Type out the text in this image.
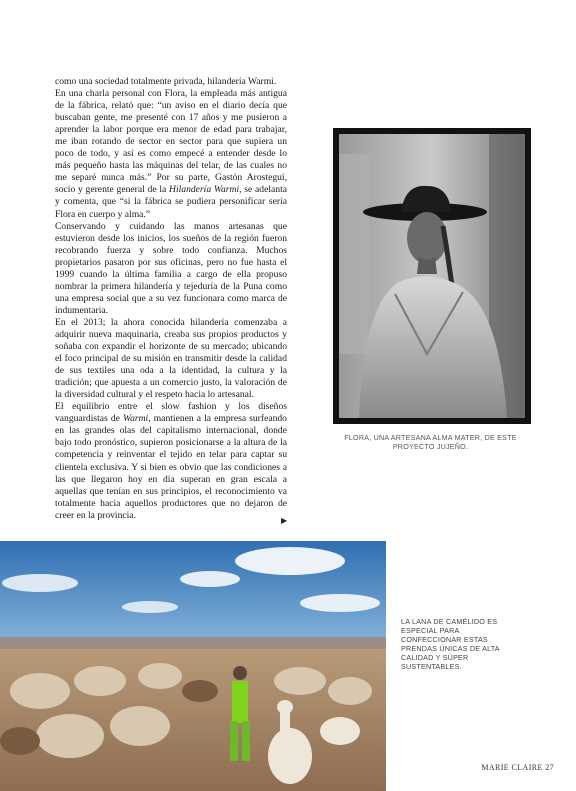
como una sociedad totalmente privada, hilandería Warmi.

En una charla personal con Flora, la empleada más antigua de la fábrica, relató que: “un aviso en el diario decía que buscaban gente, me presenté con 17 años y me pusieron a aprender la labor porque era menor de edad para trabajar, me iban rotando de sector en sector para que supiera un poco de todo, y así es como empecé a entender desde lo más pequeño hasta las máquinas del telar, de las cuales no me separé nunca más.” Por su parte, Gastón Arostegui, socio y gerente general de la Hilandería Warmi, se adelanta y comenta, que “si la fábrica se pudiera personificar sería Flora en cuerpo y alma.”

Conservando y cuidando las manos artesanas que estuvieron desde los inicios, los sueños de la región fueron recobrando fuerza y sobre todo confianza. Muchos propietarios pasaron por sus oficinas, pero no fue hasta el 1999 cuando la última familia a cargo de ella propuso nombrar la primera hilandería y tejeduría de la Puna como una empresa social que a su vez funcionara como marca de indumentaria.

En el 2013; la ahora conocida hilandería comenzaba a adquirir nueva maquinaria, creaba sus propios productos y soñaba con expandir el horizonte de su mercado; ubicando el foco principal de su misión en transmitir desde la calidad de sus textiles una oda a la identidad, la cultura y la tradición; que apuesta a un comercio justo, la valoración de la diversidad cultural y el respeto hacia lo artesanal.

El equilibrio entre el slow fashion y los diseños vanguardistas de Warmi, mantienen a la empresa surfeando en las grandes olas del capitalismo internacional, donde bajo todo pronóstico, supieron posicionarse a la altura de la competencia y reinventar el tejido en telar para captar su clientela exclusiva. Y si bien es obvio que las condiciones a las que llegaron hoy en día superan en gran escala a aquellas que tenían en sus principios, el reconocimiento va totalmente hacia aquellos productores que no dejaron de creer en la provincia.	▶
FLORA, UNA ARTESANA ALMA MATER, DE ESTE PROYECTO JUJEÑO.
LA LANA DE CAMÉLIDO ES ESPECIAL PARA CONFECCIONAR ESTAS PRENDAS ÚNICAS DE ALTA CALIDAD Y SÚPER SUSTENTABLES.
MARIE CLAIRE 27
